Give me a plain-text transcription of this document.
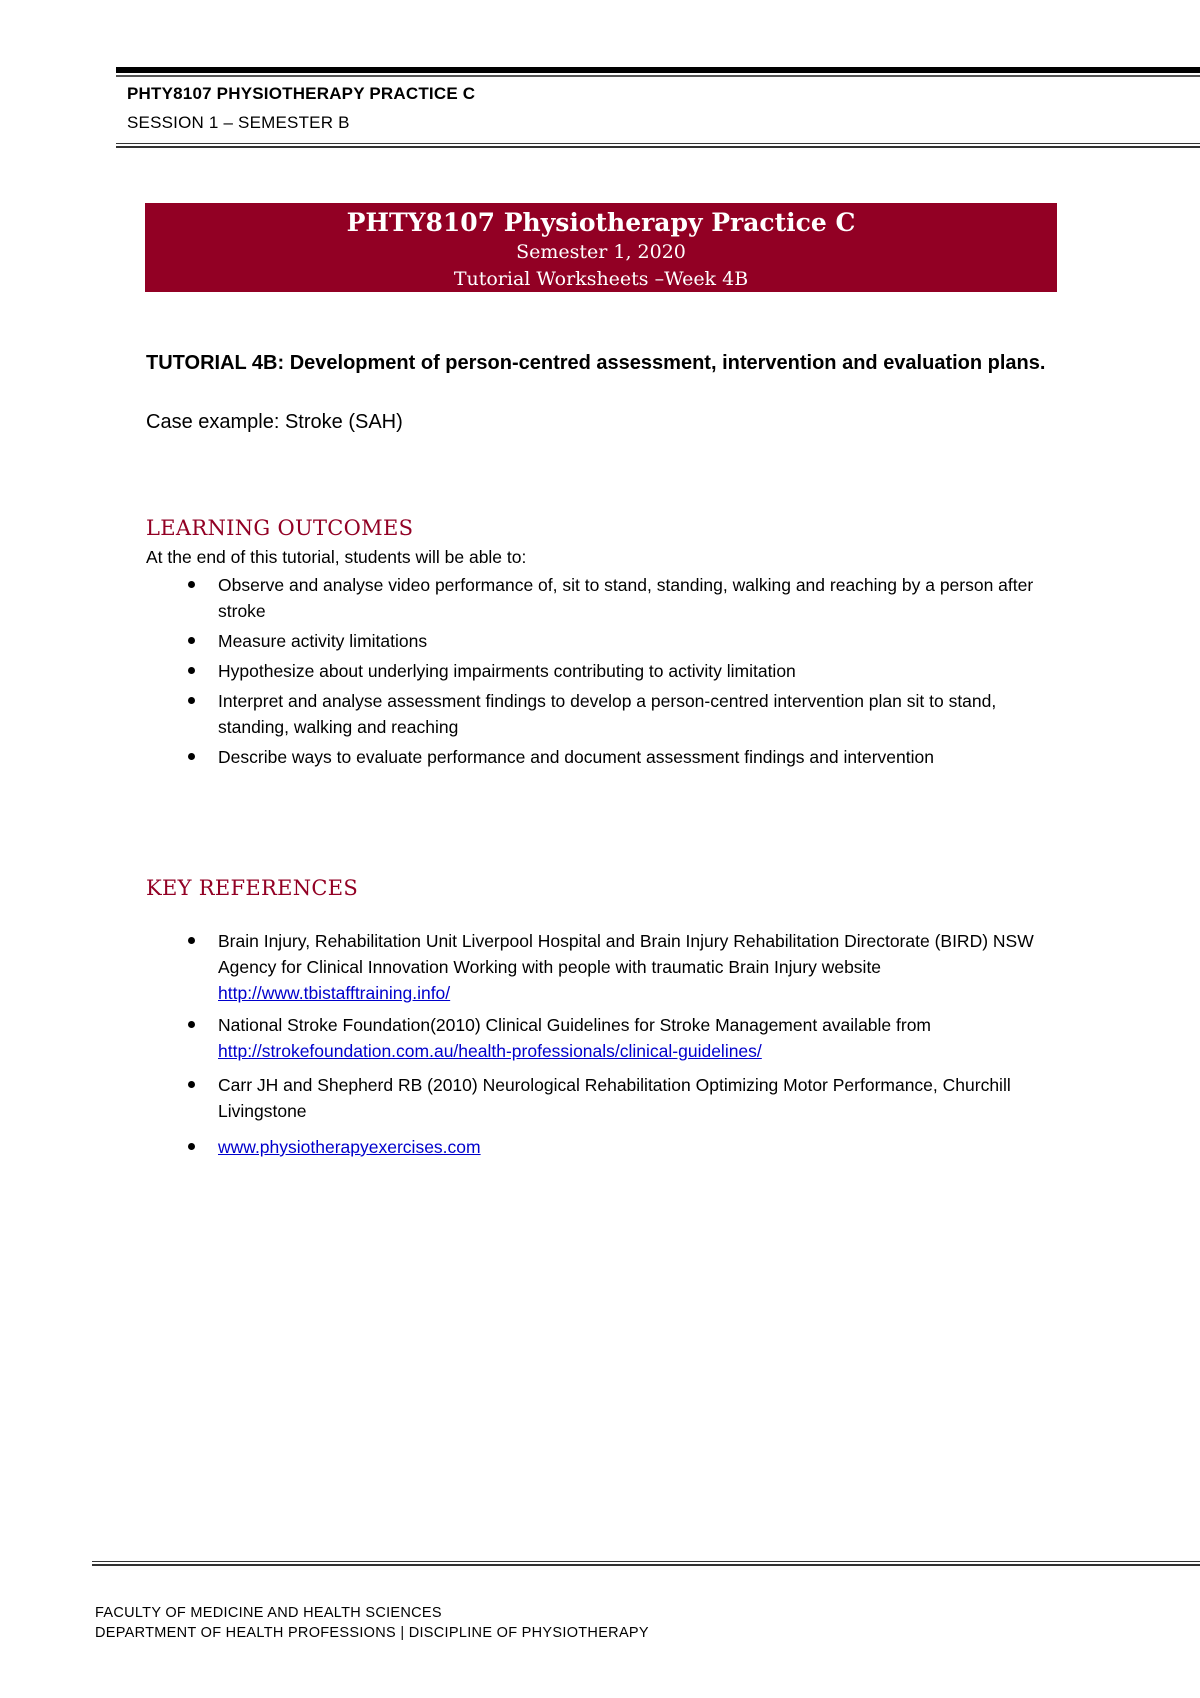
PHTY8107 PHYSIOTHERAPY PRACTICE C
SESSION 1 – SEMESTER B
PHTY8107 Physiotherapy Practice C
Semester 1, 2020
Tutorial Worksheets –Week 4B
TUTORIAL 4B: Development of person-centred assessment, intervention and evaluation plans.
Case example: Stroke (SAH)
LEARNING OUTCOMES
At the end of this tutorial, students will be able to:
Observe and analyse video performance of, sit to stand, standing, walking and reaching by a person after stroke
Measure activity limitations
Hypothesize about underlying impairments contributing to activity limitation
Interpret and analyse assessment findings to develop a person-centred intervention plan sit to stand, standing, walking and reaching
Describe ways to evaluate performance and document assessment findings and intervention
KEY REFERENCES
Brain Injury, Rehabilitation Unit Liverpool Hospital and Brain Injury Rehabilitation Directorate (BIRD) NSW Agency for Clinical Innovation Working with people with traumatic Brain Injury website http://www.tbistafftraining.info/
National Stroke Foundation(2010) Clinical Guidelines for Stroke Management available from http://strokefoundation.com.au/health-professionals/clinical-guidelines/
Carr JH and Shepherd RB (2010) Neurological Rehabilitation Optimizing Motor Performance, Churchill Livingstone
www.physiotherapyexercises.com
FACULTY OF MEDICINE AND HEALTH SCIENCES
DEPARTMENT OF HEALTH PROFESSIONS | DISCIPLINE OF PHYSIOTHERAPY
